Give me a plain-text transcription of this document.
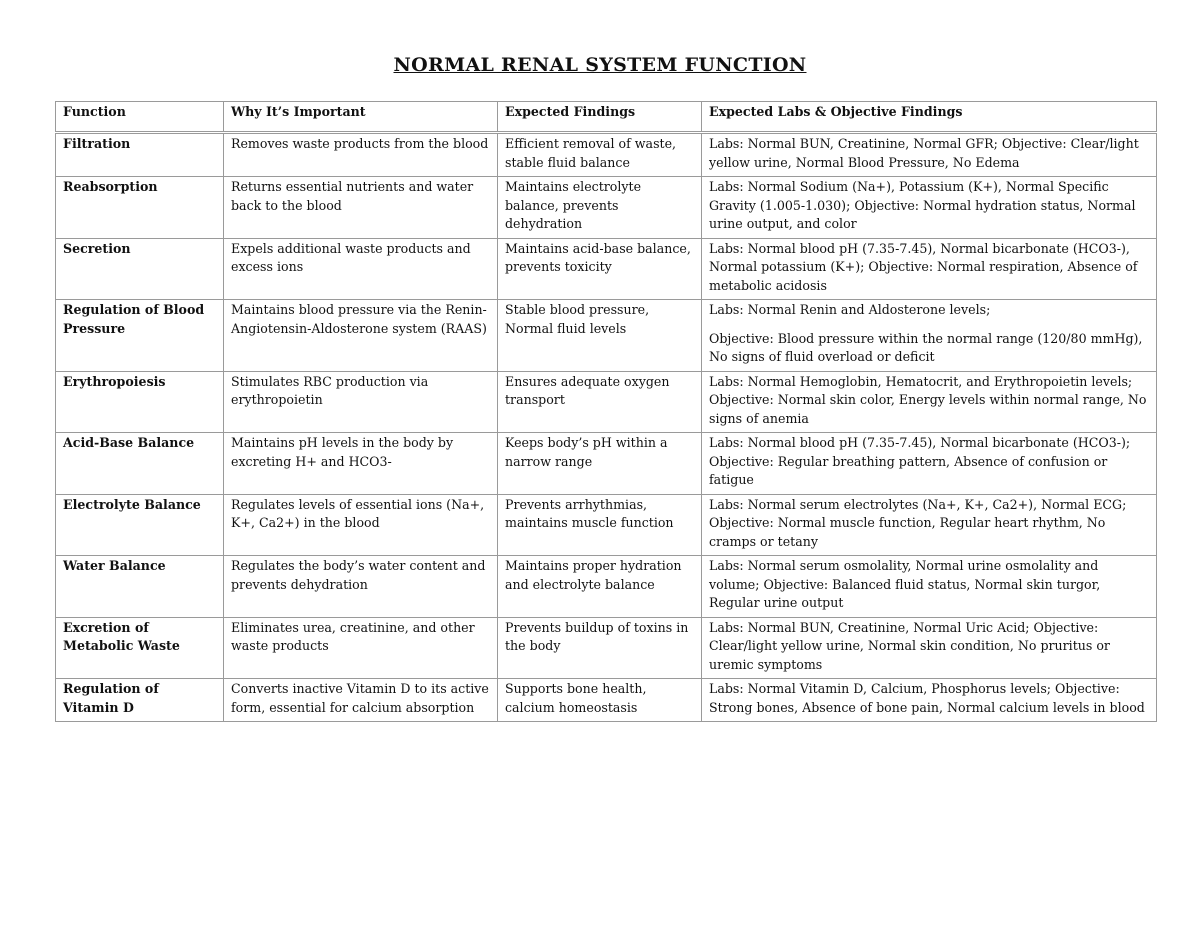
NORMAL RENAL SYSTEM FUNCTION
Function	Why It’s Important	Expected Findings	Expected Labs & Objective Findings
Filtration	Removes waste products from the blood	Efficient removal of waste, stable fluid balance	Labs: Normal BUN, Creatinine, Normal GFR; Objective: Clear/light yellow urine, Normal Blood Pressure, No Edema

Reabsorption	Returns essential nutrients and water back to the blood	Maintains electrolyte balance, prevents dehydration	Labs: Normal Sodium (Na+), Potassium (K+), Normal Specific Gravity (1.005-1.030); Objective: Normal hydration status, Normal urine output, and color

Secretion	Expels additional waste products and excess ions	Maintains acid-base balance, prevents toxicity	Labs: Normal blood pH (7.35-7.45), Normal bicarbonate (HCO3-), Normal potassium (K+); Objective: Normal respiration, Absence of metabolic acidosis

Regulation of Blood Pressure	Maintains blood pressure via the Renin-Angiotensin-Aldosterone system (RAAS)	Stable blood pressure, Normal fluid levels	Labs: Normal Renin and Aldosterone levels;
Objective: Blood pressure within the normal range (120/80 mmHg), No signs of fluid overload or deficit

Erythropoiesis	Stimulates RBC production via erythropoietin	Ensures adequate oxygen transport	Labs: Normal Hemoglobin, Hematocrit, and Erythropoietin levels; Objective: Normal skin color, Energy levels within normal range, No signs of anemia

Acid-Base Balance	Maintains pH levels in the body by excreting H+ and HCO3-	Keeps body’s pH within a narrow range	Labs: Normal blood pH (7.35-7.45), Normal bicarbonate (HCO3-); Objective: Regular breathing pattern, Absence of confusion or fatigue

Electrolyte Balance	Regulates levels of essential ions (Na+, K+, Ca2+) in the blood	Prevents arrhythmias, maintains muscle function	Labs: Normal serum electrolytes (Na+, K+, Ca2+), Normal ECG; Objective: Normal muscle function, Regular heart rhythm, No cramps or tetany

Water Balance	Regulates the body’s water content and prevents dehydration	Maintains proper hydration and electrolyte balance	Labs: Normal serum osmolality, Normal urine osmolality and volume; Objective: Balanced fluid status, Normal skin turgor, Regular urine output

Excretion of Metabolic Waste	Eliminates urea, creatinine, and other waste products	Prevents buildup of toxins in the body	Labs: Normal BUN, Creatinine, Normal Uric Acid; Objective: Clear/light yellow urine, Normal skin condition, No pruritus or uremic symptoms

Regulation of Vitamin D	Converts inactive Vitamin D to its active form, essential for calcium absorption	Supports bone health, calcium homeostasis	Labs: Normal Vitamin D, Calcium, Phosphorus levels; Objective: Strong bones, Absence of bone pain, Normal calcium levels in blood
